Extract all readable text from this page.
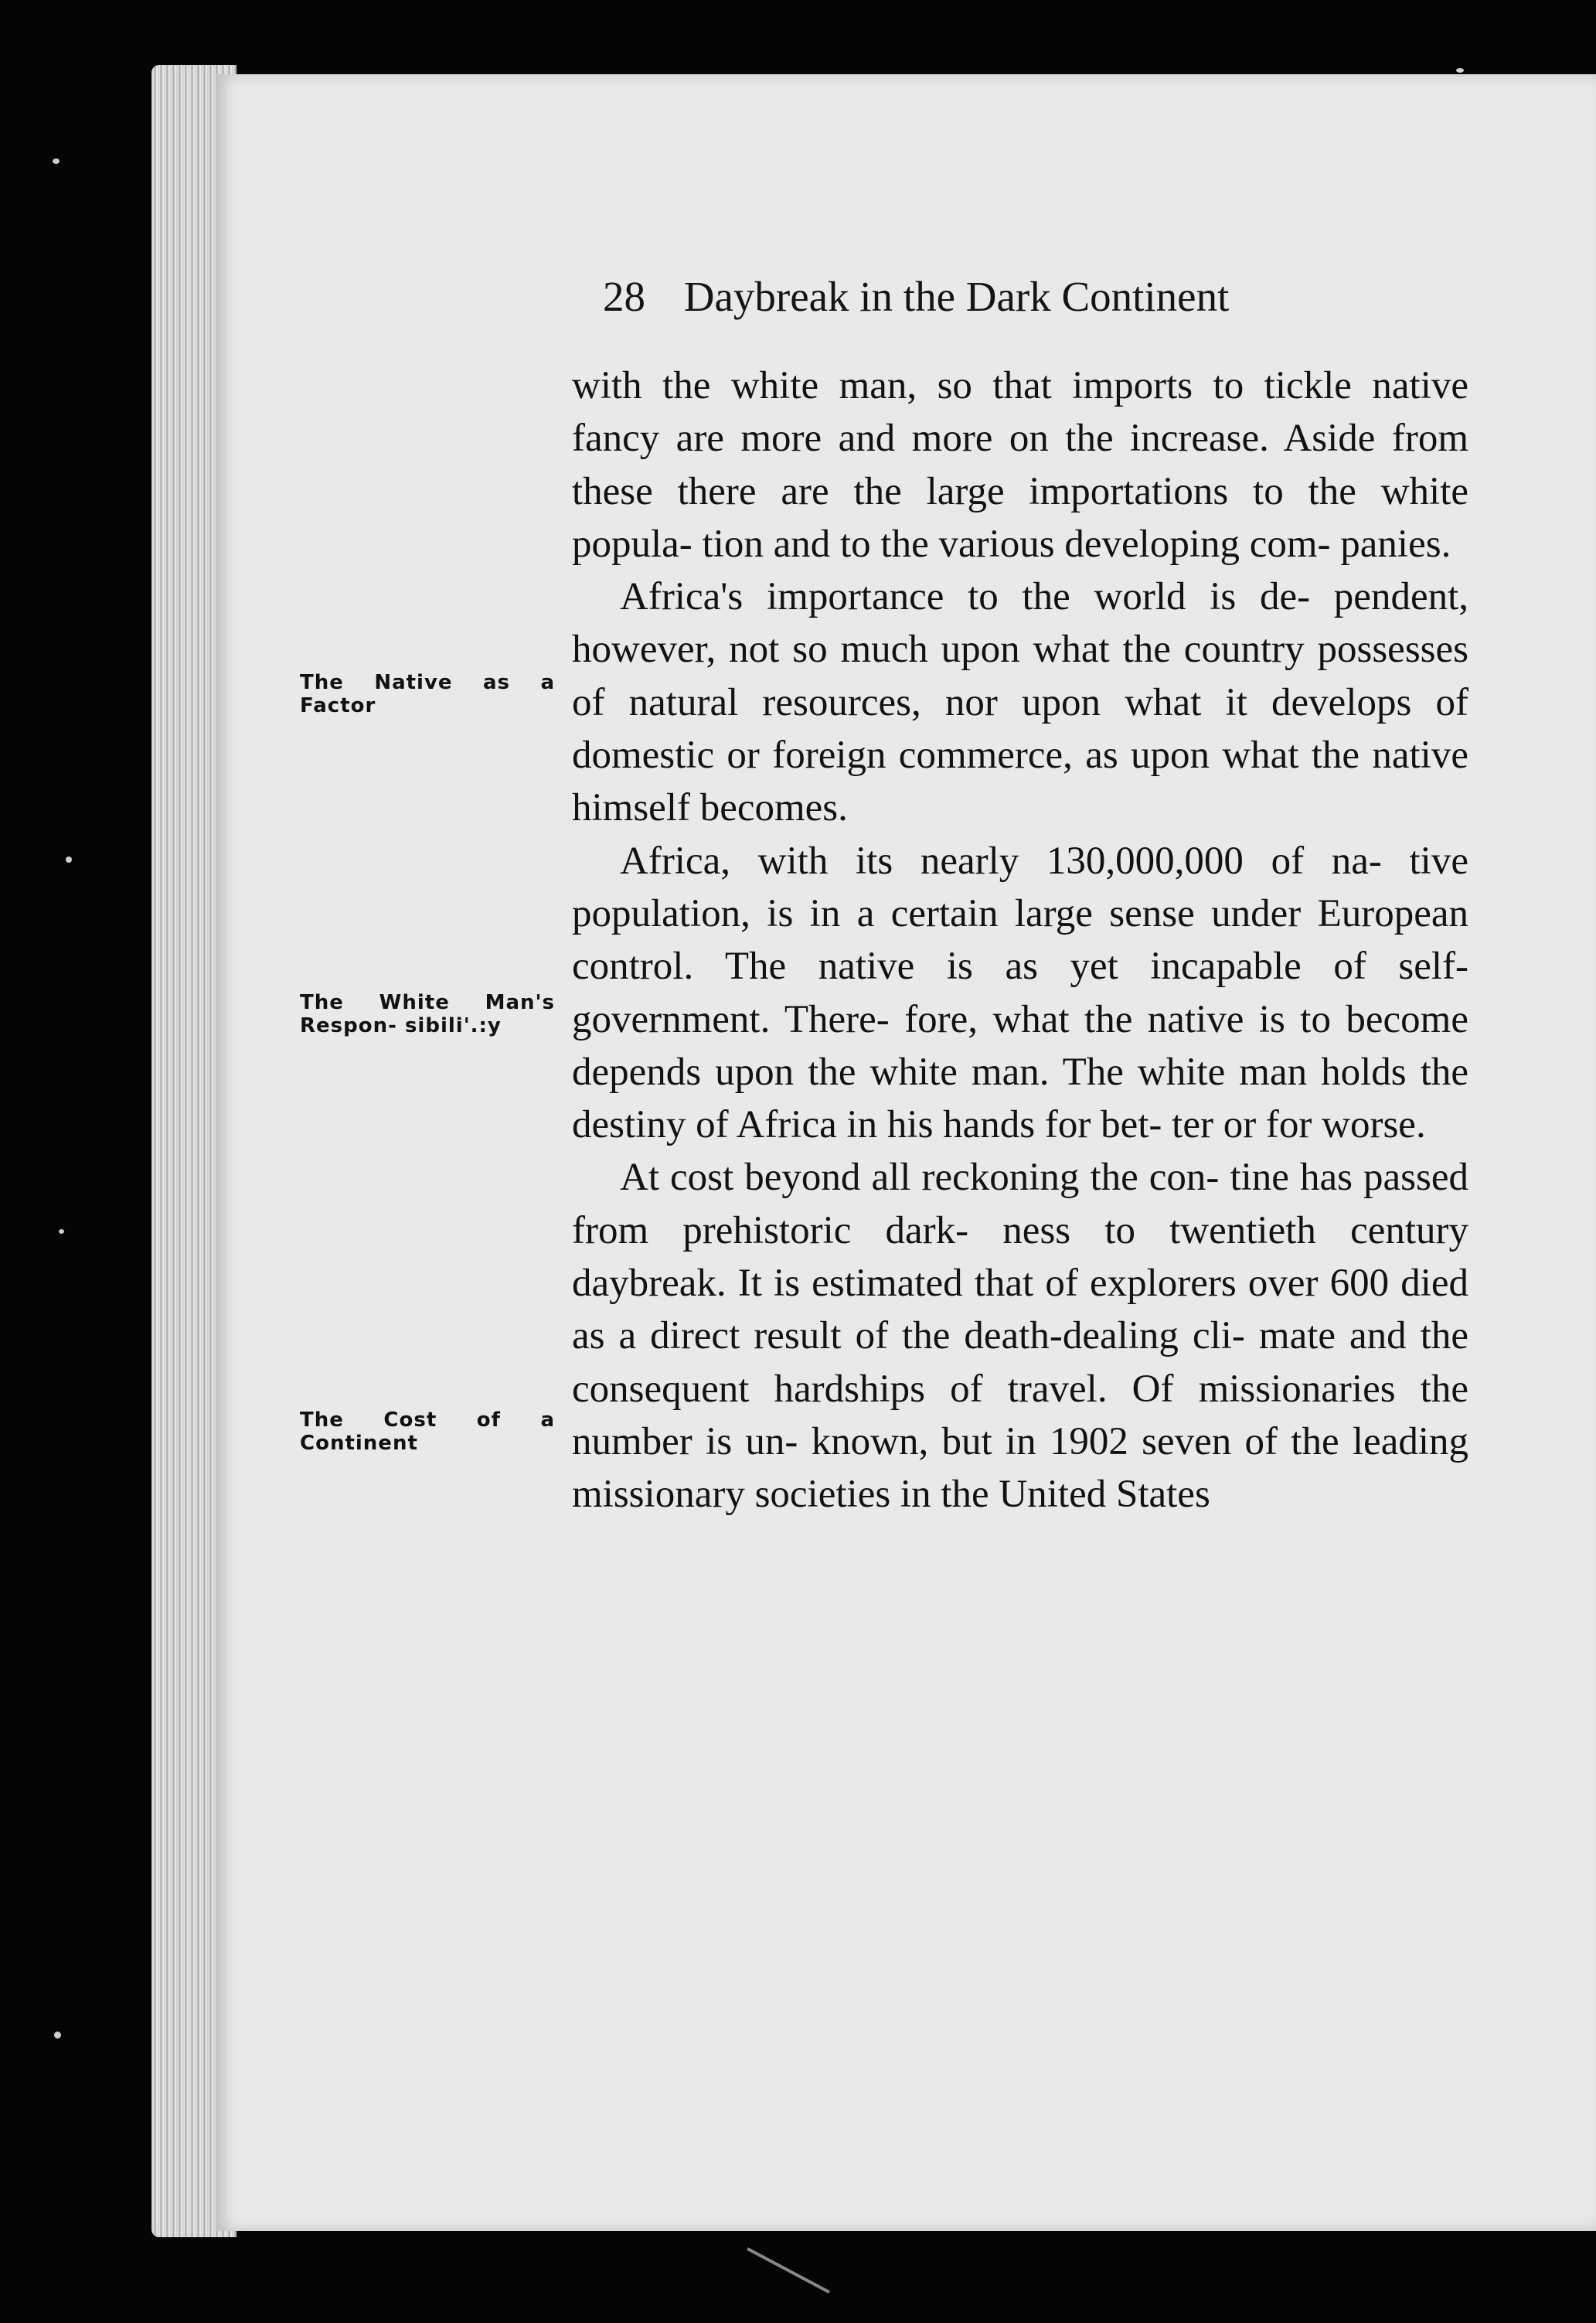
28 Daybreak in the Dark Continent
The Native as a Factor
The White Man's Respon- sibili'.:y
The Cost of a Continent

with the white man, so that imports to tickle native fancy are more and more on the increase. Aside from these there are the large importations to the white popula- tion and to the various developing com- panies.

Africa's importance to the world is de- pendent, however, not so much upon what the country possesses of natural resources, nor upon what it develops of domestic or foreign commerce, as upon what the native himself becomes.

Africa, with its nearly 130,000,000 of na- tive population, is in a certain large sense under European control. The native is as yet incapable of self-government. There- fore, what the native is to become depends upon the white man. The white man holds the destiny of Africa in his hands for bet- ter or for worse.

At cost beyond all reckoning the con- tine has passed from prehistoric dark- ness to twentieth century daybreak. It is estimated that of explorers over 600 died as a direct result of the death-dealing cli- mate and the consequent hardships of travel. Of missionaries the number is un- known, but in 1902 seven of the leading missionary societies in the United States
